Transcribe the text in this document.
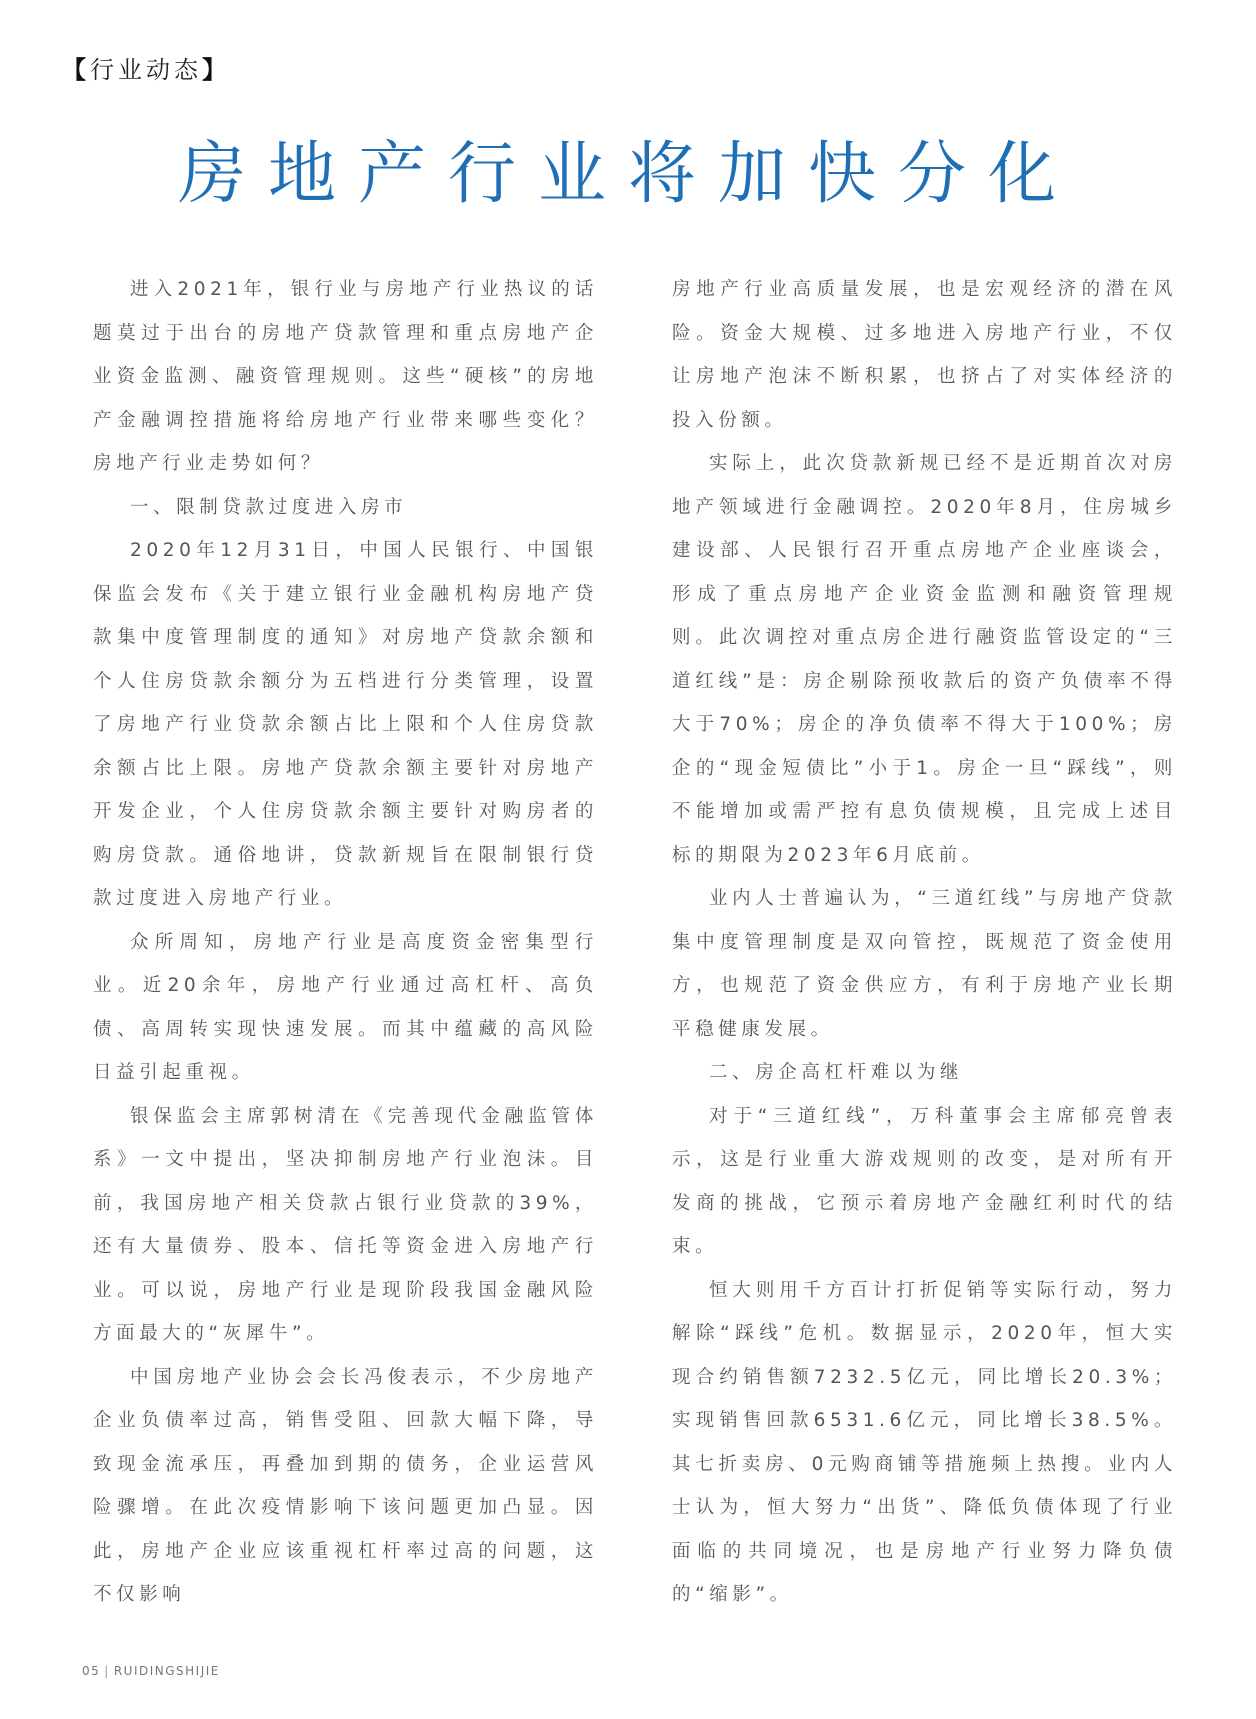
【行业动态】
房地产行业将加快分化

进入2021年，银行业与房地产行业热议的话题莫过于出台的房地产贷款管理和重点房地产企业资金监测、融资管理规则。这些“硬核”的房地产金融调控措施将给房地产行业带来哪些变化？房地产行业走势如何？

一、限制贷款过度进入房市

2020年12月31日，中国人民银行、中国银保监会发布《关于建立银行业金融机构房地产贷款集中度管理制度的通知》对房地产贷款余额和个人住房贷款余额分为五档进行分类管理，设置了房地产行业贷款余额占比上限和个人住房贷款余额占比上限。房地产贷款余额主要针对房地产开发企业，个人住房贷款余额主要针对购房者的购房贷款。通俗地讲，贷款新规旨在限制银行贷款过度进入房地产行业。

众所周知，房地产行业是高度资金密集型行业。近20余年，房地产行业通过高杠杆、高负债、高周转实现快速发展。而其中蕴藏的高风险日益引起重视。

银保监会主席郭树清在《完善现代金融监管体系》一文中提出，坚决抑制房地产行业泡沫。目前，我国房地产相关贷款占银行业贷款的39%，还有大量债券、股本、信托等资金进入房地产行业。可以说，房地产行业是现阶段我国金融风险方面最大的“灰犀牛”。

中国房地产业协会会长冯俊表示，不少房地产企业负债率过高，销售受阻、回款大幅下降，导致现金流承压，再叠加到期的债务，企业运营风险骤增。在此次疫情影响下该问题更加凸显。因此，房地产企业应该重视杠杆率过高的问题，这不仅影响

房地产行业高质量发展，也是宏观经济的潜在风险。资金大规模、过多地进入房地产行业，不仅让房地产泡沫不断积累，也挤占了对实体经济的投入份额。

实际上，此次贷款新规已经不是近期首次对房地产领域进行金融调控。2020年8月，住房城乡建设部、人民银行召开重点房地产企业座谈会，形成了重点房地产企业资金监测和融资管理规则。此次调控对重点房企进行融资监管设定的“三道红线”是：房企剔除预收款后的资产负债率不得大于70%；房企的净负债率不得大于100%；房企的“现金短债比”小于1。房企一旦“踩线”，则不能增加或需严控有息负债规模，且完成上述目标的期限为2023年6月底前。

业内人士普遍认为，“三道红线”与房地产贷款集中度管理制度是双向管控，既规范了资金使用方，也规范了资金供应方，有利于房地产业长期平稳健康发展。

二、房企高杠杆难以为继

对于“三道红线”，万科董事会主席郁亮曾表示，这是行业重大游戏规则的改变，是对所有开发商的挑战，它预示着房地产金融红利时代的结束。

恒大则用千方百计打折促销等实际行动，努力解除“踩线”危机。数据显示，2020年，恒大实现合约销售额7232.5亿元，同比增长20.3%；实现销售回款6531.6亿元，同比增长38.5%。其七折卖房、0元购商铺等措施频上热搜。业内人士认为，恒大努力“出货”、降低负债体现了行业面临的共同境况，也是房地产行业努力降负债的“缩影”。

05 | RUIDINGSHIJIE
